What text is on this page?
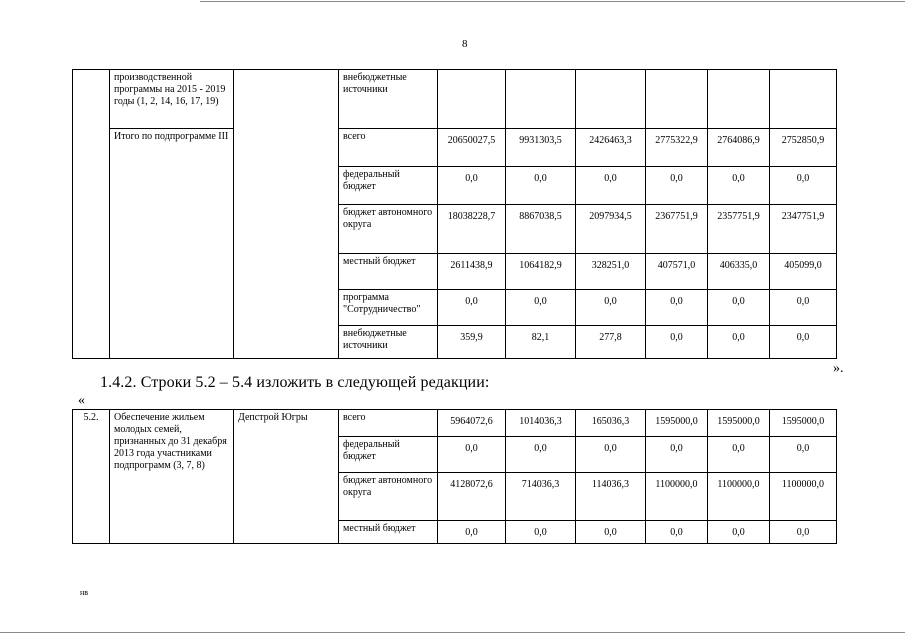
8
	производственной программы на 2015 - 2019 годы (1, 2, 14, 16, 17, 19)		внебюджетные источники						
	Итого по подпрограмме III		всего	20650027,5	9931303,5	2426463,3	2775322,9	2764086,9	2752850,9
			федеральный бюджет	0,0	0,0	0,0	0,0	0,0	0,0
			бюджет автономного округа	18038228,7	8867038,5	2097934,5	2367751,9	2357751,9	2347751,9
			местный бюджет	2611438,9	1064182,9	328251,0	407571,0	406335,0	405099,0
			программа "Сотрудничество"	0,0	0,0	0,0	0,0	0,0	0,0
			внебюджетные источники	359,9	82,1	277,8	0,0	0,0	0,0
».
1.4.2. Строки 5.2 – 5.4 изложить в следующей редакции:
«
5.2.	Обеспечение жильем молодых семей, признанных до 31 декабря 2013 года участниками подпрограмм (3, 7, 8)	Депстрой Югры	всего	5964072,6	1014036,3	165036,3	1595000,0	1595000,0	1595000,0
			федеральный бюджет	0,0	0,0	0,0	0,0	0,0	0,0
			бюджет автономного округа	4128072,6	714036,3	114036,3	1100000,0	1100000,0	1100000,0
			местный бюджет	0,0	0,0	0,0	0,0	0,0	0,0
нв
